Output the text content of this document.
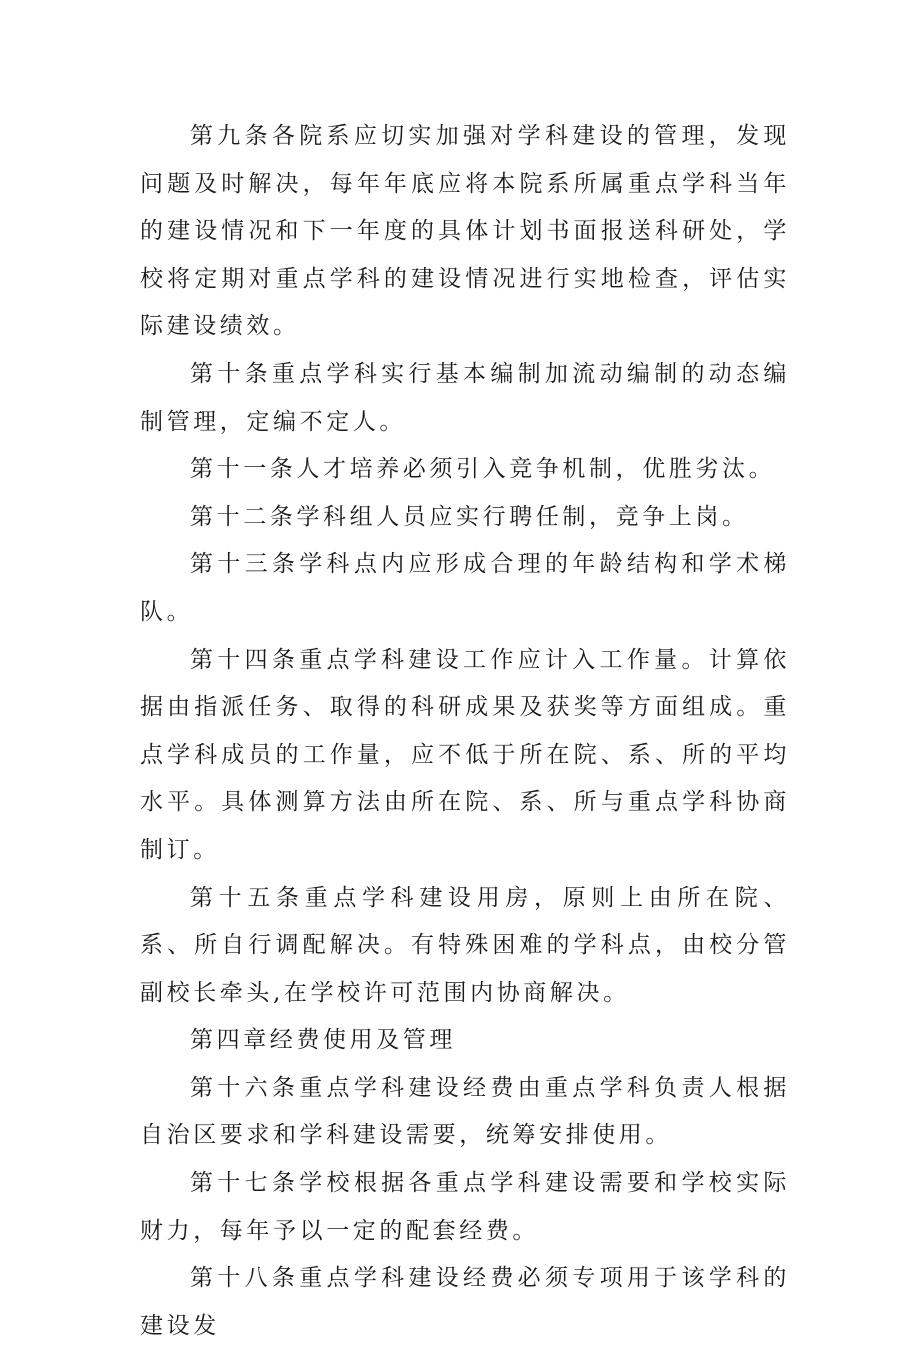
第九条各院系应切实加强对学科建设的管理，发现问题及时解决，每年年底应将本院系所属重点学科当年的建设情况和下一年度的具体计划书面报送科研处，学校将定期对重点学科的建设情况进行实地检查，评估实际建设绩效。

第十条重点学科实行基本编制加流动编制的动态编制管理，定编不定人。

第十一条人才培养必须引入竞争机制，优胜劣汰。

第十二条学科组人员应实行聘任制，竞争上岗。

第十三条学科点内应形成合理的年龄结构和学术梯队。

第十四条重点学科建设工作应计入工作量。计算依据由指派任务、取得的科研成果及获奖等方面组成。重点学科成员的工作量，应不低于所在院、系、所的平均水平。具体测算方法由所在院、系、所与重点学科协商制订。

第十五条重点学科建设用房，原则上由所在院、系、所自行调配解决。有特殊困难的学科点，由校分管副校长牵头,在学校许可范围内协商解决。

第四章经费使用及管理

第十六条重点学科建设经费由重点学科负责人根据自治区要求和学科建设需要，统筹安排使用。

第十七条学校根据各重点学科建设需要和学校实际财力，每年予以一定的配套经费。

第十八条重点学科建设经费必须专项用于该学科的建设发
